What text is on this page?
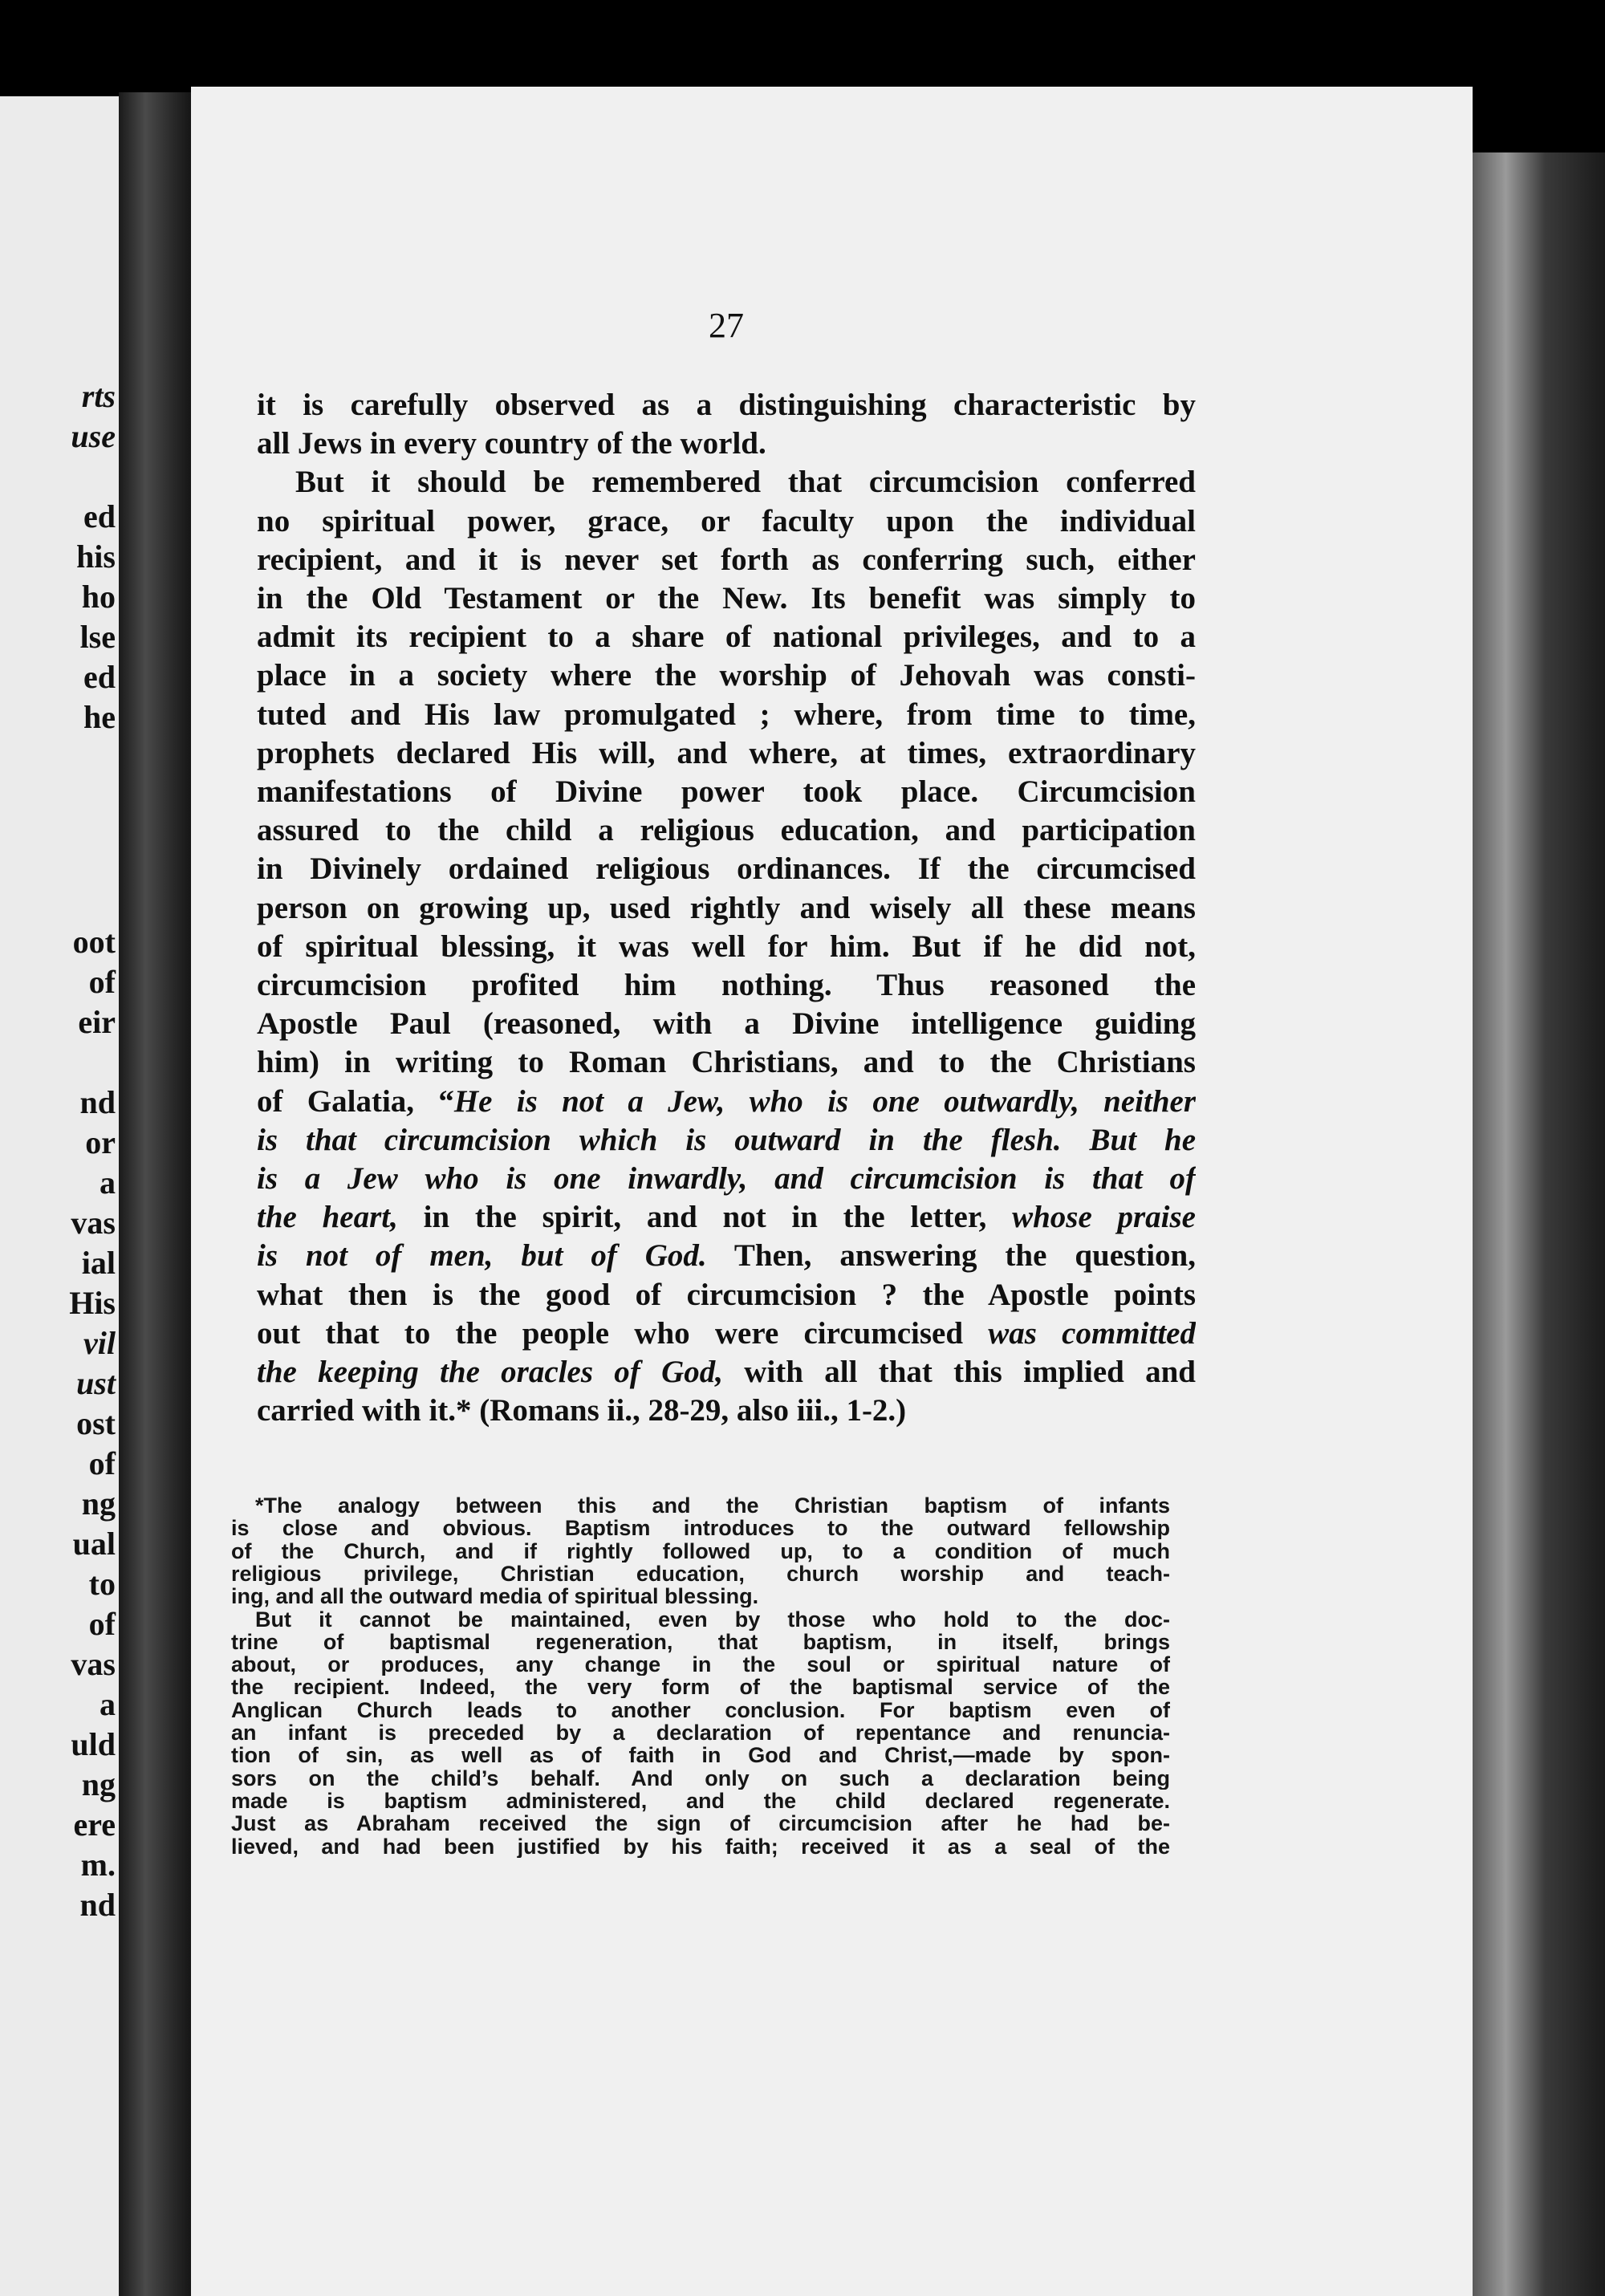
rts
use
ed
his
ho
lse
ed
he
oot
of
eir
nd
or
a
vas
ial
His
vil
ust
ost
of
ng
ual
to
of
vas
a
uld
ng
ere
m.
nd
27
it is carefully observed as a distinguishing characteristic by
all Jews in every country of the world.
But it should be remembered that circumcision conferred
no spiritual power, grace, or faculty upon the individual
recipient, and it is never set forth as conferring such, either
in the Old Testament or the New. Its benefit was simply to
admit its recipient to a share of national privileges, and to a
place in a society where the worship of Jehovah was consti-
tuted and His law promulgated ; where, from time to time,
prophets declared His will, and where, at times, extraordinary
manifestations of Divine power took place. Circumcision
assured to the child a religious education, and participation
in Divinely ordained religious ordinances. If the circumcised
person on growing up, used rightly and wisely all these means
of spiritual blessing, it was well for him. But if he did not,
circumcision profited him nothing. Thus reasoned the
Apostle Paul (reasoned, with a Divine intelligence guiding
him) in writing to Roman Christians, and to the Christians
of Galatia, “He is not a Jew, who is one outwardly, neither
is that circumcision which is outward in the flesh. But he
is a Jew who is one inwardly, and circumcision is that of
the heart, in the spirit, and not in the letter, whose praise
is not of men, but of God. Then, answering the question,
what then is the good of circumcision ? the Apostle points
out that to the people who were circumcised was committed
the keeping the oracles of God, with all that this implied and
carried with it.* (Romans ii., 28-29, also iii., 1-2.)
*The analogy between this and the Christian baptism of infants
is close and obvious. Baptism introduces to the outward fellowship
of the Church, and if rightly followed up, to a condition of much
religious privilege, Christian education, church worship and teach-
ing, and all the outward media of spiritual blessing.
But it cannot be maintained, even by those who hold to the doc-
trine of baptismal regeneration, that baptism, in itself, brings
about, or produces, any change in the soul or spiritual nature of
the recipient. Indeed, the very form of the baptismal service of the
Anglican Church leads to another conclusion. For baptism even of
an infant is preceded by a declaration of repentance and renuncia-
tion of sin, as well as of faith in God and Christ,—made by spon-
sors on the child’s behalf. And only on such a declaration being
made is baptism administered, and the child declared regenerate.
Just as Abraham received the sign of circumcision after he had be-
lieved, and had been justified by his faith; received it as a seal of the
